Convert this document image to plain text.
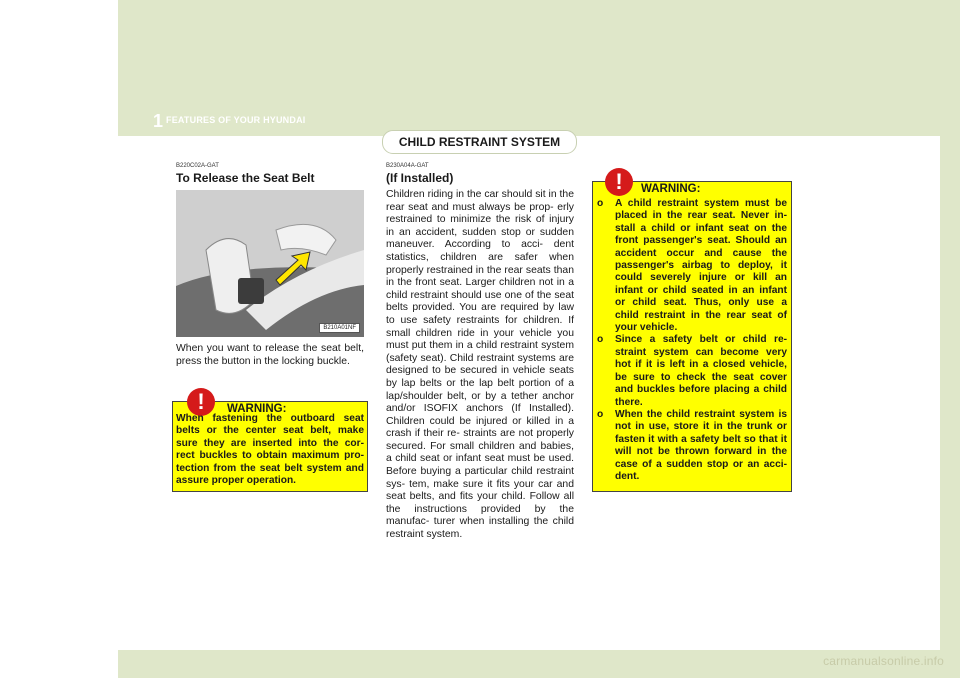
1 FEATURES OF YOUR HYUNDAI
34	CHILD RESTRAINT SYSTEM
B220C02A-GAT
To Release the Seat Belt
B210A01NF
When you want to release the seat belt, press the button in the locking buckle.
!	WARNING:
When fastening the outboard seat belts or the center seat belt, make sure they are inserted into the cor- rect buckles to obtain maximum pro- tection from the seat belt system and assure proper operation.
B230A04A-GAT
(If Installed)
Children riding in the car should sit in the rear seat and must always be prop- erly restrained to minimize the risk of injury in an accident, sudden stop or sudden maneuver. According to acci- dent statistics, children are safer when properly restrained in the rear seats than in the front seat. Larger children not in a child restraint should use one of the seat belts provided. You are required by law to use safety restraints for children. If small children ride in your vehicle you must put them in a child restraint system (safety seat). Child restraint systems are designed to be secured in vehicle seats by lap belts or the lap belt portion of a lap/shoulder belt, or by a tether anchor and/or ISOFIX anchors (If Installed). Children could be injured or killed in a crash if their re- straints are not properly secured. For small children and babies, a child seat or infant seat must be used. Before buying a particular child restraint sys- tem, make sure it fits your car and seat belts, and fits your child. Follow all the instructions provided by the manufac- turer when installing the child restraint system.
!	WARNING:
o A child restraint system must be placed in the rear seat. Never in- stall a child or infant seat on the front passenger's seat. Should an accident occur and cause the passenger's airbag to deploy, it could severely injure or kill an infant or child seated in an infant or child seat. Thus, only use a child restraint in the rear seat of your vehicle.
o Since a safety belt or child re- straint system can become very hot if it is left in a closed vehicle, be sure to check the seat cover and buckles before placing a child there.
o When the child restraint system is not in use, store it in the trunk or fasten it with a safety belt so that it will not be thrown forward in the case of a sudden stop or an acci- dent.
carmanualsonline.info
